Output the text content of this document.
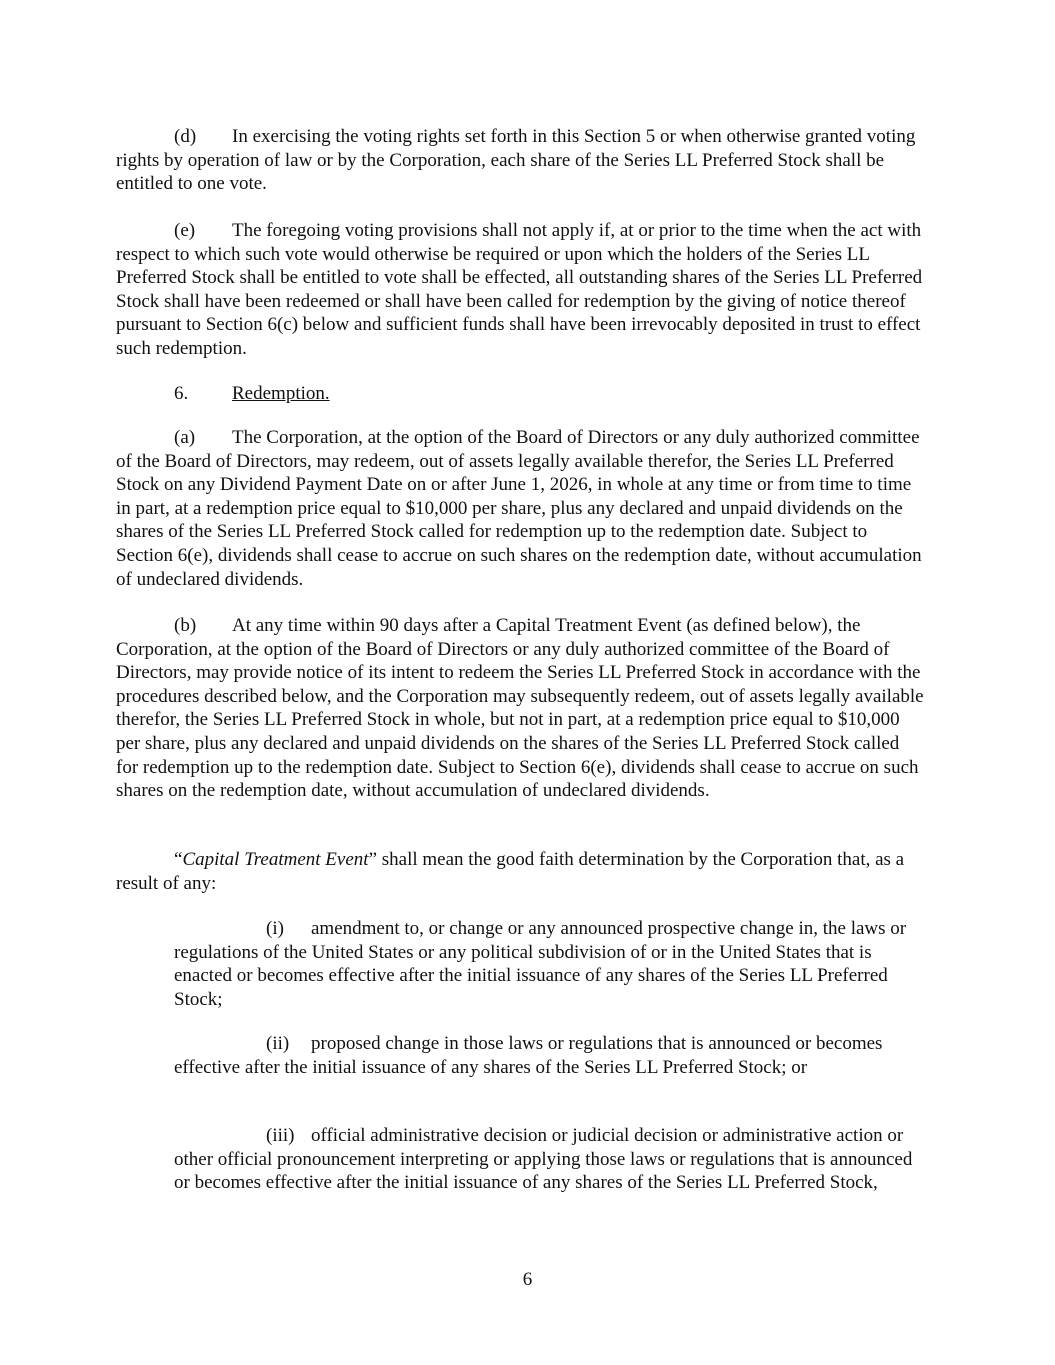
(d) In exercising the voting rights set forth in this Section 5 or when otherwise granted voting rights by operation of law or by the Corporation, each share of the Series LL Preferred Stock shall be entitled to one vote.

(e) The foregoing voting provisions shall not apply if, at or prior to the time when the act with respect to which such vote would otherwise be required or upon which the holders of the Series LL Preferred Stock shall be entitled to vote shall be effected, all outstanding shares of the Series LL Preferred Stock shall have been redeemed or shall have been called for redemption by the giving of notice thereof pursuant to Section 6(c) below and sufficient funds shall have been irrevocably deposited in trust to effect such redemption.

6. Redemption.

(a) The Corporation, at the option of the Board of Directors or any duly authorized committee of the Board of Directors, may redeem, out of assets legally available therefor, the Series LL Preferred Stock on any Dividend Payment Date on or after June 1, 2026, in whole at any time or from time to time in part, at a redemption price equal to $10,000 per share, plus any declared and unpaid dividends on the shares of the Series LL Preferred Stock called for redemption up to the redemption date. Subject to Section 6(e), dividends shall cease to accrue on such shares on the redemption date, without accumulation of undeclared dividends.

(b) At any time within 90 days after a Capital Treatment Event (as defined below), the Corporation, at the option of the Board of Directors or any duly authorized committee of the Board of Directors, may provide notice of its intent to redeem the Series LL Preferred Stock in accordance with the procedures described below, and the Corporation may subsequently redeem, out of assets legally available therefor, the Series LL Preferred Stock in whole, but not in part, at a redemption price equal to $10,000 per share, plus any declared and unpaid dividends on the shares of the Series LL Preferred Stock called for redemption up to the redemption date. Subject to Section 6(e), dividends shall cease to accrue on such shares on the redemption date, without accumulation of undeclared dividends.

“Capital Treatment Event” shall mean the good faith determination by the Corporation that, as a result of any:

(i) amendment to, or change or any announced prospective change in, the laws or regulations of the United States or any political subdivision of or in the United States that is enacted or becomes effective after the initial issuance of any shares of the Series LL Preferred Stock;

(ii) proposed change in those laws or regulations that is announced or becomes effective after the initial issuance of any shares of the Series LL Preferred Stock; or

(iii) official administrative decision or judicial decision or administrative action or other official pronouncement interpreting or applying those laws or regulations that is announced or becomes effective after the initial issuance of any shares of the Series LL Preferred Stock,

6
